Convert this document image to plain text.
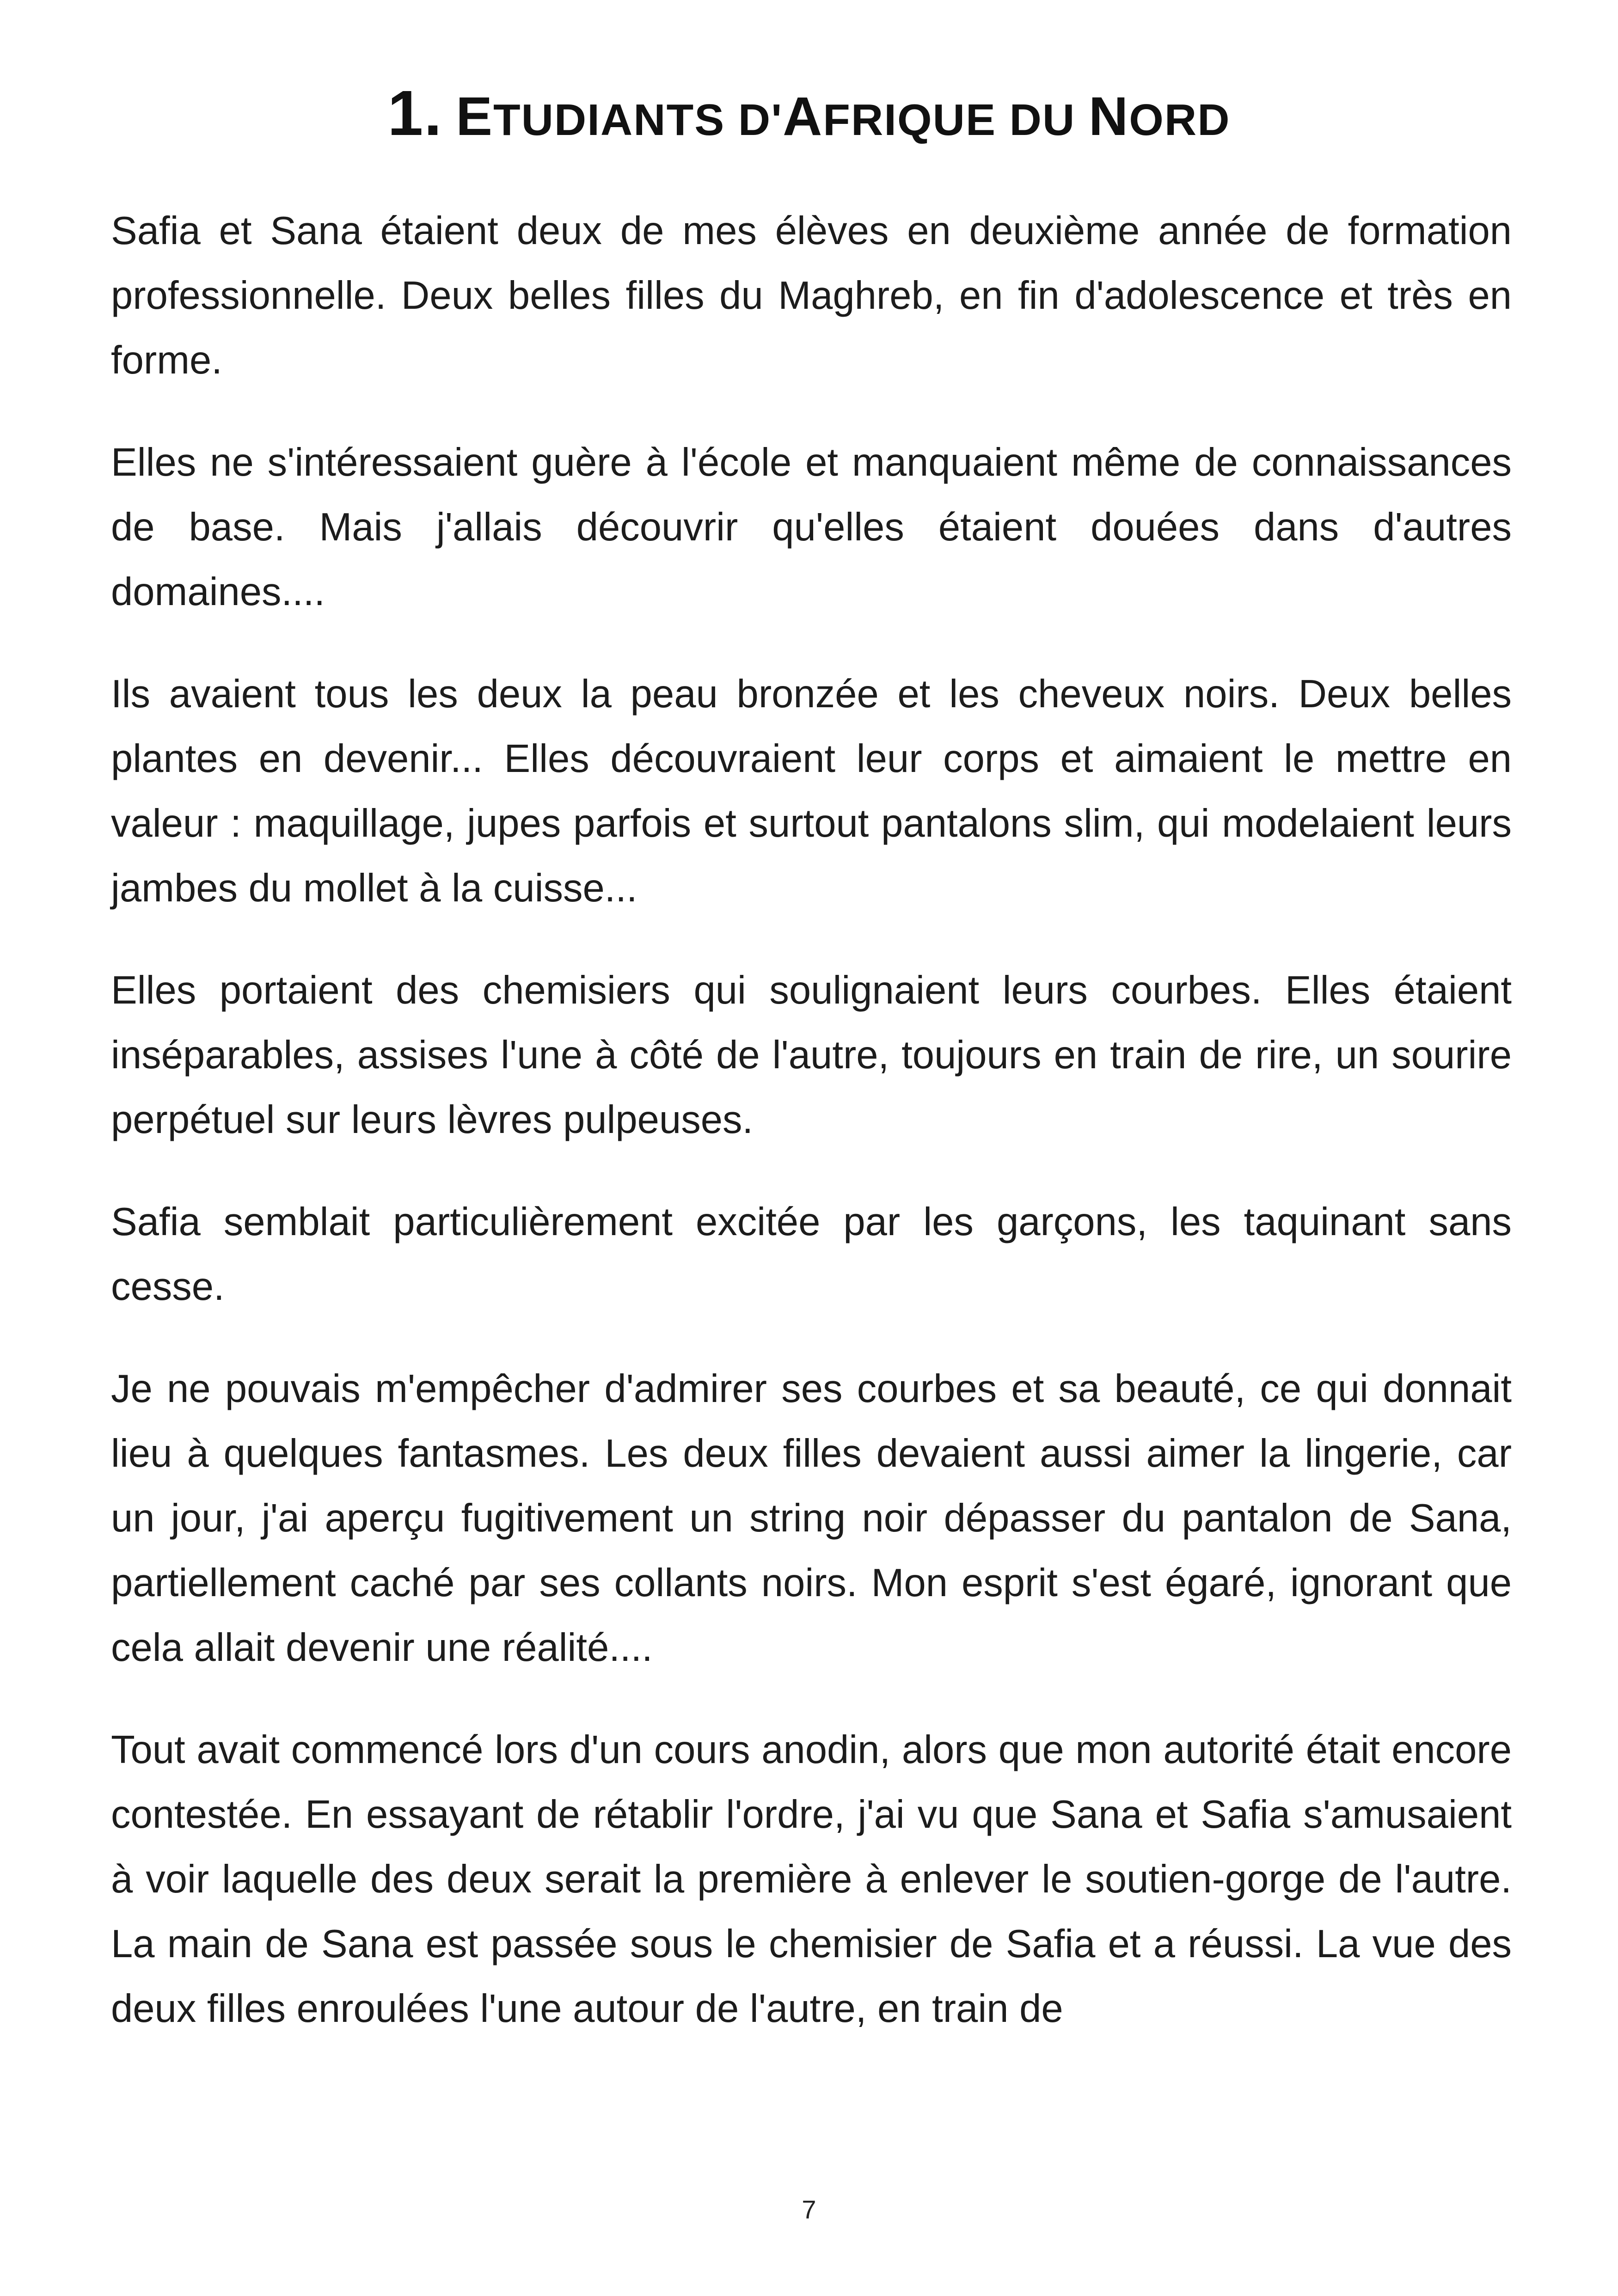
1. ETUDIANTS D'AFRIQUE DU NORD

Safia et Sana étaient deux de mes élèves en deuxième année de formation professionnelle. Deux belles filles du Maghreb, en fin d'adolescence et très en forme.

Elles ne s'intéressaient guère à l'école et manquaient même de connaissances de base. Mais j'allais découvrir qu'elles étaient douées dans d'autres domaines....

Ils avaient tous les deux la peau bronzée et les cheveux noirs. Deux belles plantes en devenir... Elles découvraient leur corps et aimaient le mettre en valeur : maquillage, jupes parfois et surtout pantalons slim, qui modelaient leurs jambes du mollet à la cuisse...

Elles portaient des chemisiers qui soulignaient leurs courbes. Elles étaient inséparables, assises l'une à côté de l'autre, toujours en train de rire, un sourire perpétuel sur leurs lèvres pulpeuses.

Safia semblait particulièrement excitée par les garçons, les taquinant sans cesse.

Je ne pouvais m'empêcher d'admirer ses courbes et sa beauté, ce qui donnait lieu à quelques fantasmes. Les deux filles devaient aussi aimer la lingerie, car un jour, j'ai aperçu fugitivement un string noir dépasser du pantalon de Sana, partiellement caché par ses collants noirs. Mon esprit s'est égaré, ignorant que cela allait devenir une réalité....

Tout avait commencé lors d'un cours anodin, alors que mon autorité était encore contestée. En essayant de rétablir l'ordre, j'ai vu que Sana et Safia s'amusaient à voir laquelle des deux serait la première à enlever le soutien-gorge de l'autre. La main de Sana est passée sous le chemisier de Safia et a réussi. La vue des deux filles enroulées l'une autour de l'autre, en train de

7
